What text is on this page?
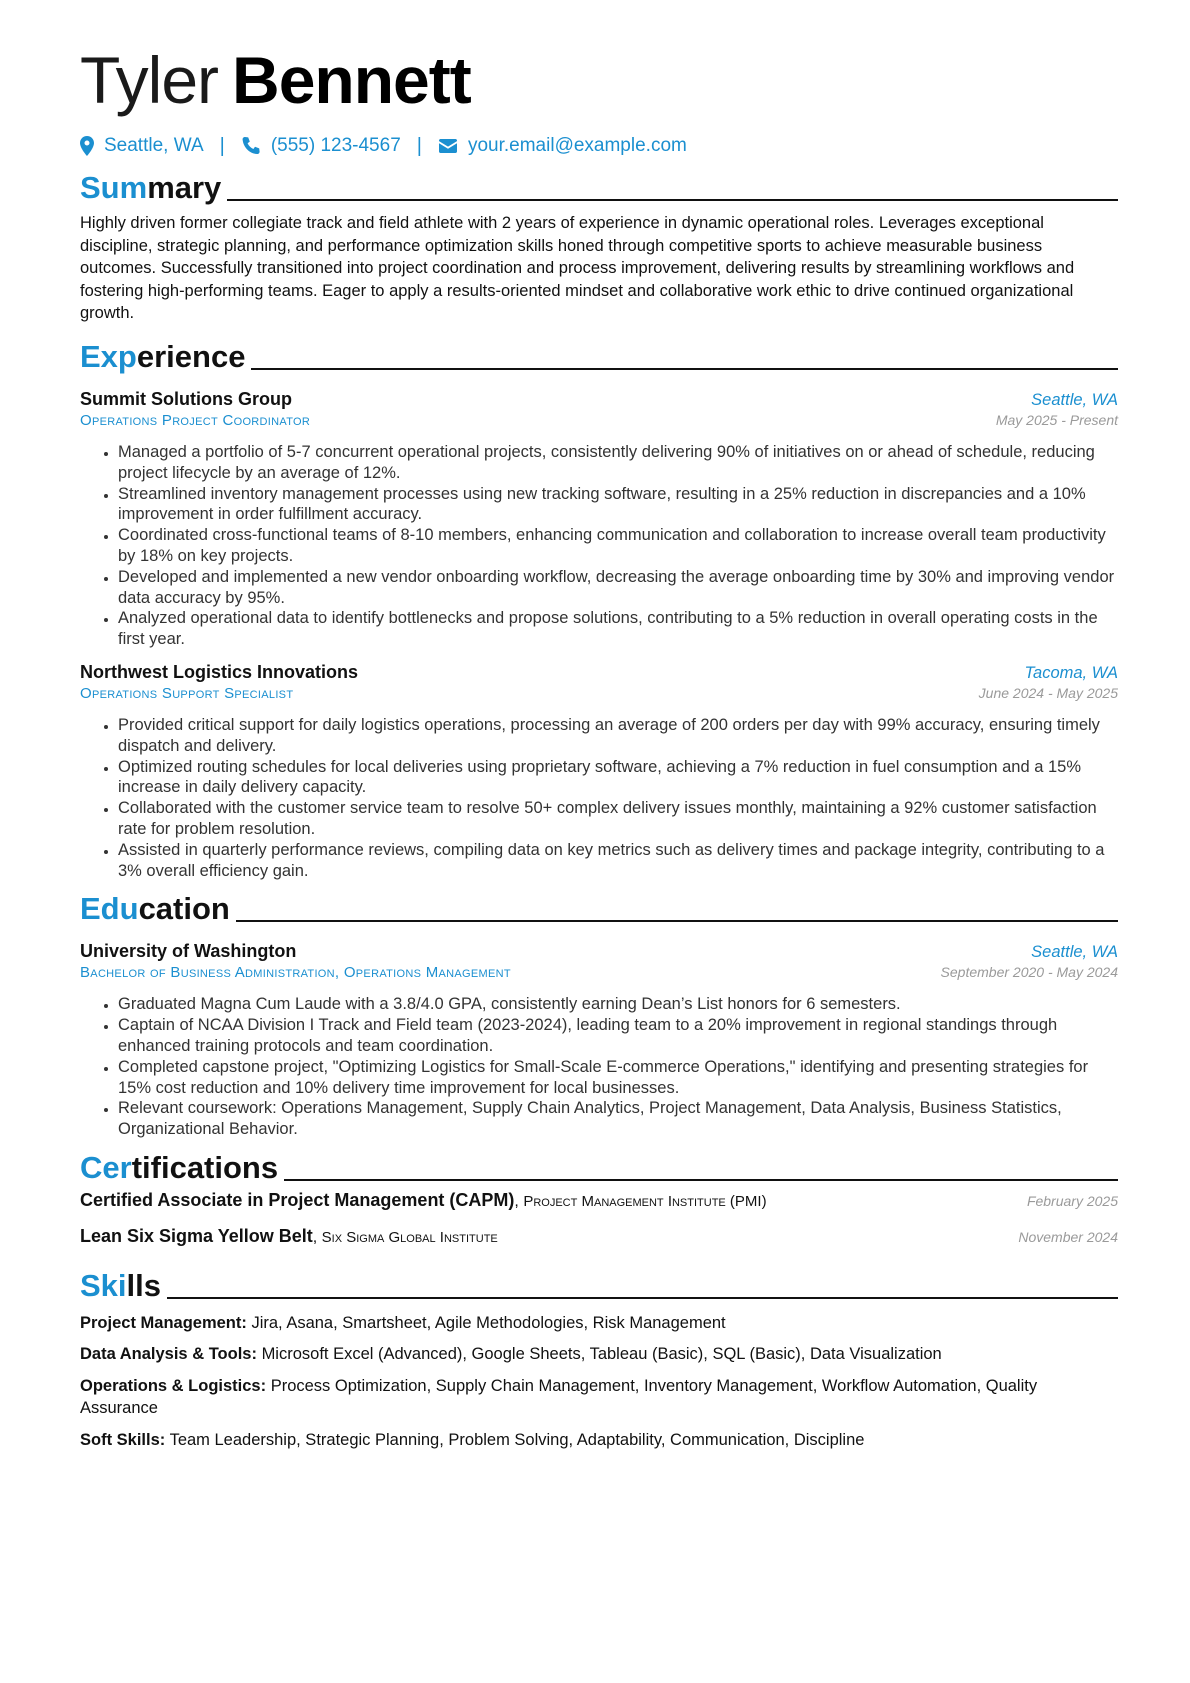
Tyler Bennett
Seattle, WA | (555) 123-4567 | your.email@example.com
Summary

Highly driven former collegiate track and field athlete with 2 years of experience in dynamic operational roles. Leverages exceptional discipline, strategic planning, and performance optimization skills honed through competitive sports to achieve measurable business outcomes. Successfully transitioned into project coordination and process improvement, delivering results by streamlining workflows and fostering high-performing teams. Eager to apply a results-oriented mindset and collaborative work ethic to drive continued organizational growth.

Experience
Summit Solutions Group	Seattle, WA
Operations Project Coordinator	May 2025 - Present
• Managed a portfolio of 5-7 concurrent operational projects, consistently delivering 90% of initiatives on or ahead of schedule, reducing project lifecycle by an average of 12%.
• Streamlined inventory management processes using new tracking software, resulting in a 25% reduction in discrepancies and a 10% improvement in order fulfillment accuracy.
• Coordinated cross-functional teams of 8-10 members, enhancing communication and collaboration to increase overall team productivity by 18% on key projects.
• Developed and implemented a new vendor onboarding workflow, decreasing the average onboarding time by 30% and improving vendor data accuracy by 95%.
• Analyzed operational data to identify bottlenecks and propose solutions, contributing to a 5% reduction in overall operating costs in the first year.
Northwest Logistics Innovations	Tacoma, WA
Operations Support Specialist	June 2024 - May 2025
• Provided critical support for daily logistics operations, processing an average of 200 orders per day with 99% accuracy, ensuring timely dispatch and delivery.
• Optimized routing schedules for local deliveries using proprietary software, achieving a 7% reduction in fuel consumption and a 15% increase in daily delivery capacity.
• Collaborated with the customer service team to resolve 50+ complex delivery issues monthly, maintaining a 92% customer satisfaction rate for problem resolution.
• Assisted in quarterly performance reviews, compiling data on key metrics such as delivery times and package integrity, contributing to a 3% overall efficiency gain.
Education
University of Washington	Seattle, WA
Bachelor of Business Administration, Operations Management	September 2020 - May 2024
• Graduated Magna Cum Laude with a 3.8/4.0 GPA, consistently earning Dean’s List honors for 6 semesters.
• Captain of NCAA Division I Track and Field team (2023-2024), leading team to a 20% improvement in regional standings through enhanced training protocols and team coordination.
• Completed capstone project, "Optimizing Logistics for Small-Scale E-commerce Operations," identifying and presenting strategies for 15% cost reduction and 10% delivery time improvement for local businesses.
• Relevant coursework: Operations Management, Supply Chain Analytics, Project Management, Data Analysis, Business Statistics, Organizational Behavior.
Certifications
Certified Associate in Project Management (CAPM), Project Management Institute (PMI)	February 2025
Lean Six Sigma Yellow Belt, Six Sigma Global Institute	November 2024
Skills

Project Management: Jira, Asana, Smartsheet, Agile Methodologies, Risk Management

Data Analysis & Tools: Microsoft Excel (Advanced), Google Sheets, Tableau (Basic), SQL (Basic), Data Visualization

Operations & Logistics: Process Optimization, Supply Chain Management, Inventory Management, Workflow Automation, Quality Assurance

Soft Skills: Team Leadership, Strategic Planning, Problem Solving, Adaptability, Communication, Discipline
